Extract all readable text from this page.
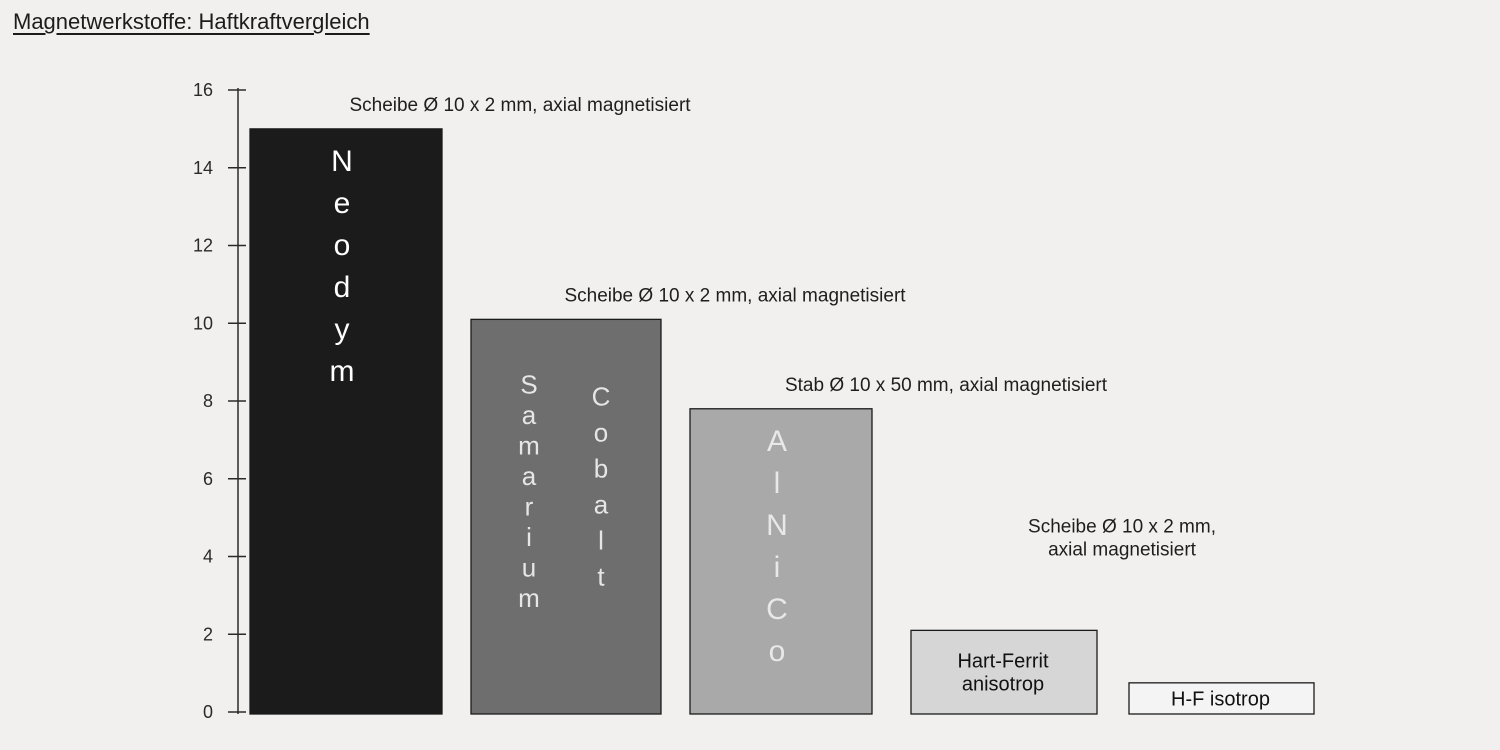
Magnetwerkstoffe: Haftkraftvergleich
0
2
4
6
8
10
12
14
16
N
e
o
d
y
m
Scheibe Ø 10 x 2 mm, axial magnetisiert
S
a
m
a
r
i
u
m
C
o
b
a
l
t
Scheibe Ø 10 x 2 mm, axial magnetisiert
A
l
N
i
C
o
Stab Ø 10 x 50 mm, axial magnetisiert
Hart-Ferrit
anisotrop
Scheibe Ø 10 x 2 mm,
axial magnetisiert
H-F isotrop
